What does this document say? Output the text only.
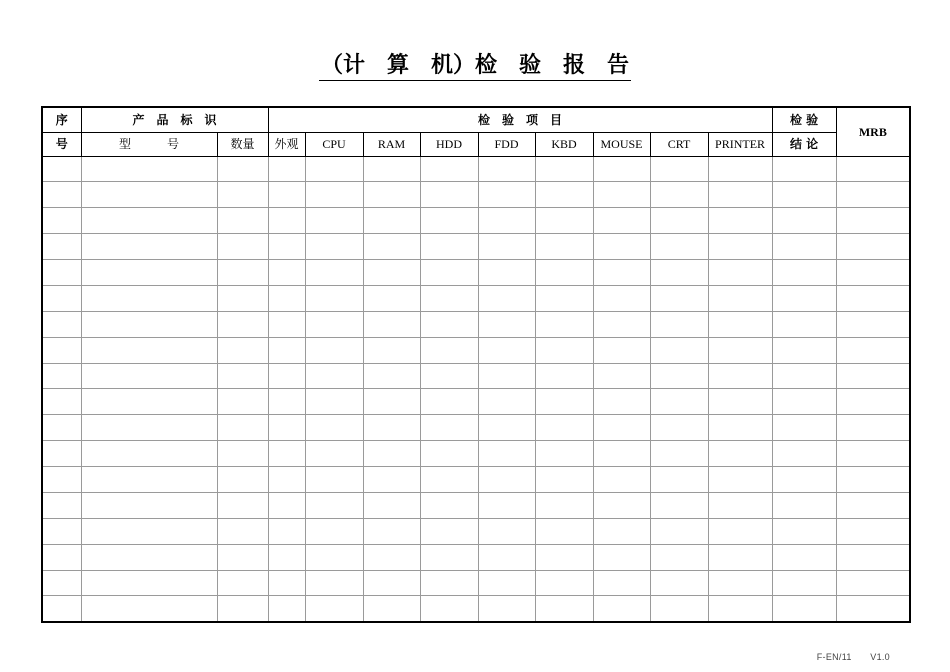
（计　算　机）检　验　报　告
序	产　品　标　识		检　验　项　目									检 验	MRB
号	型　　　号	数量	外观	CPU	RAM	HDD	FDD	KBD	MOUSE	CRT	PRINTER	结 论	

F-EN/11　　V1.0
